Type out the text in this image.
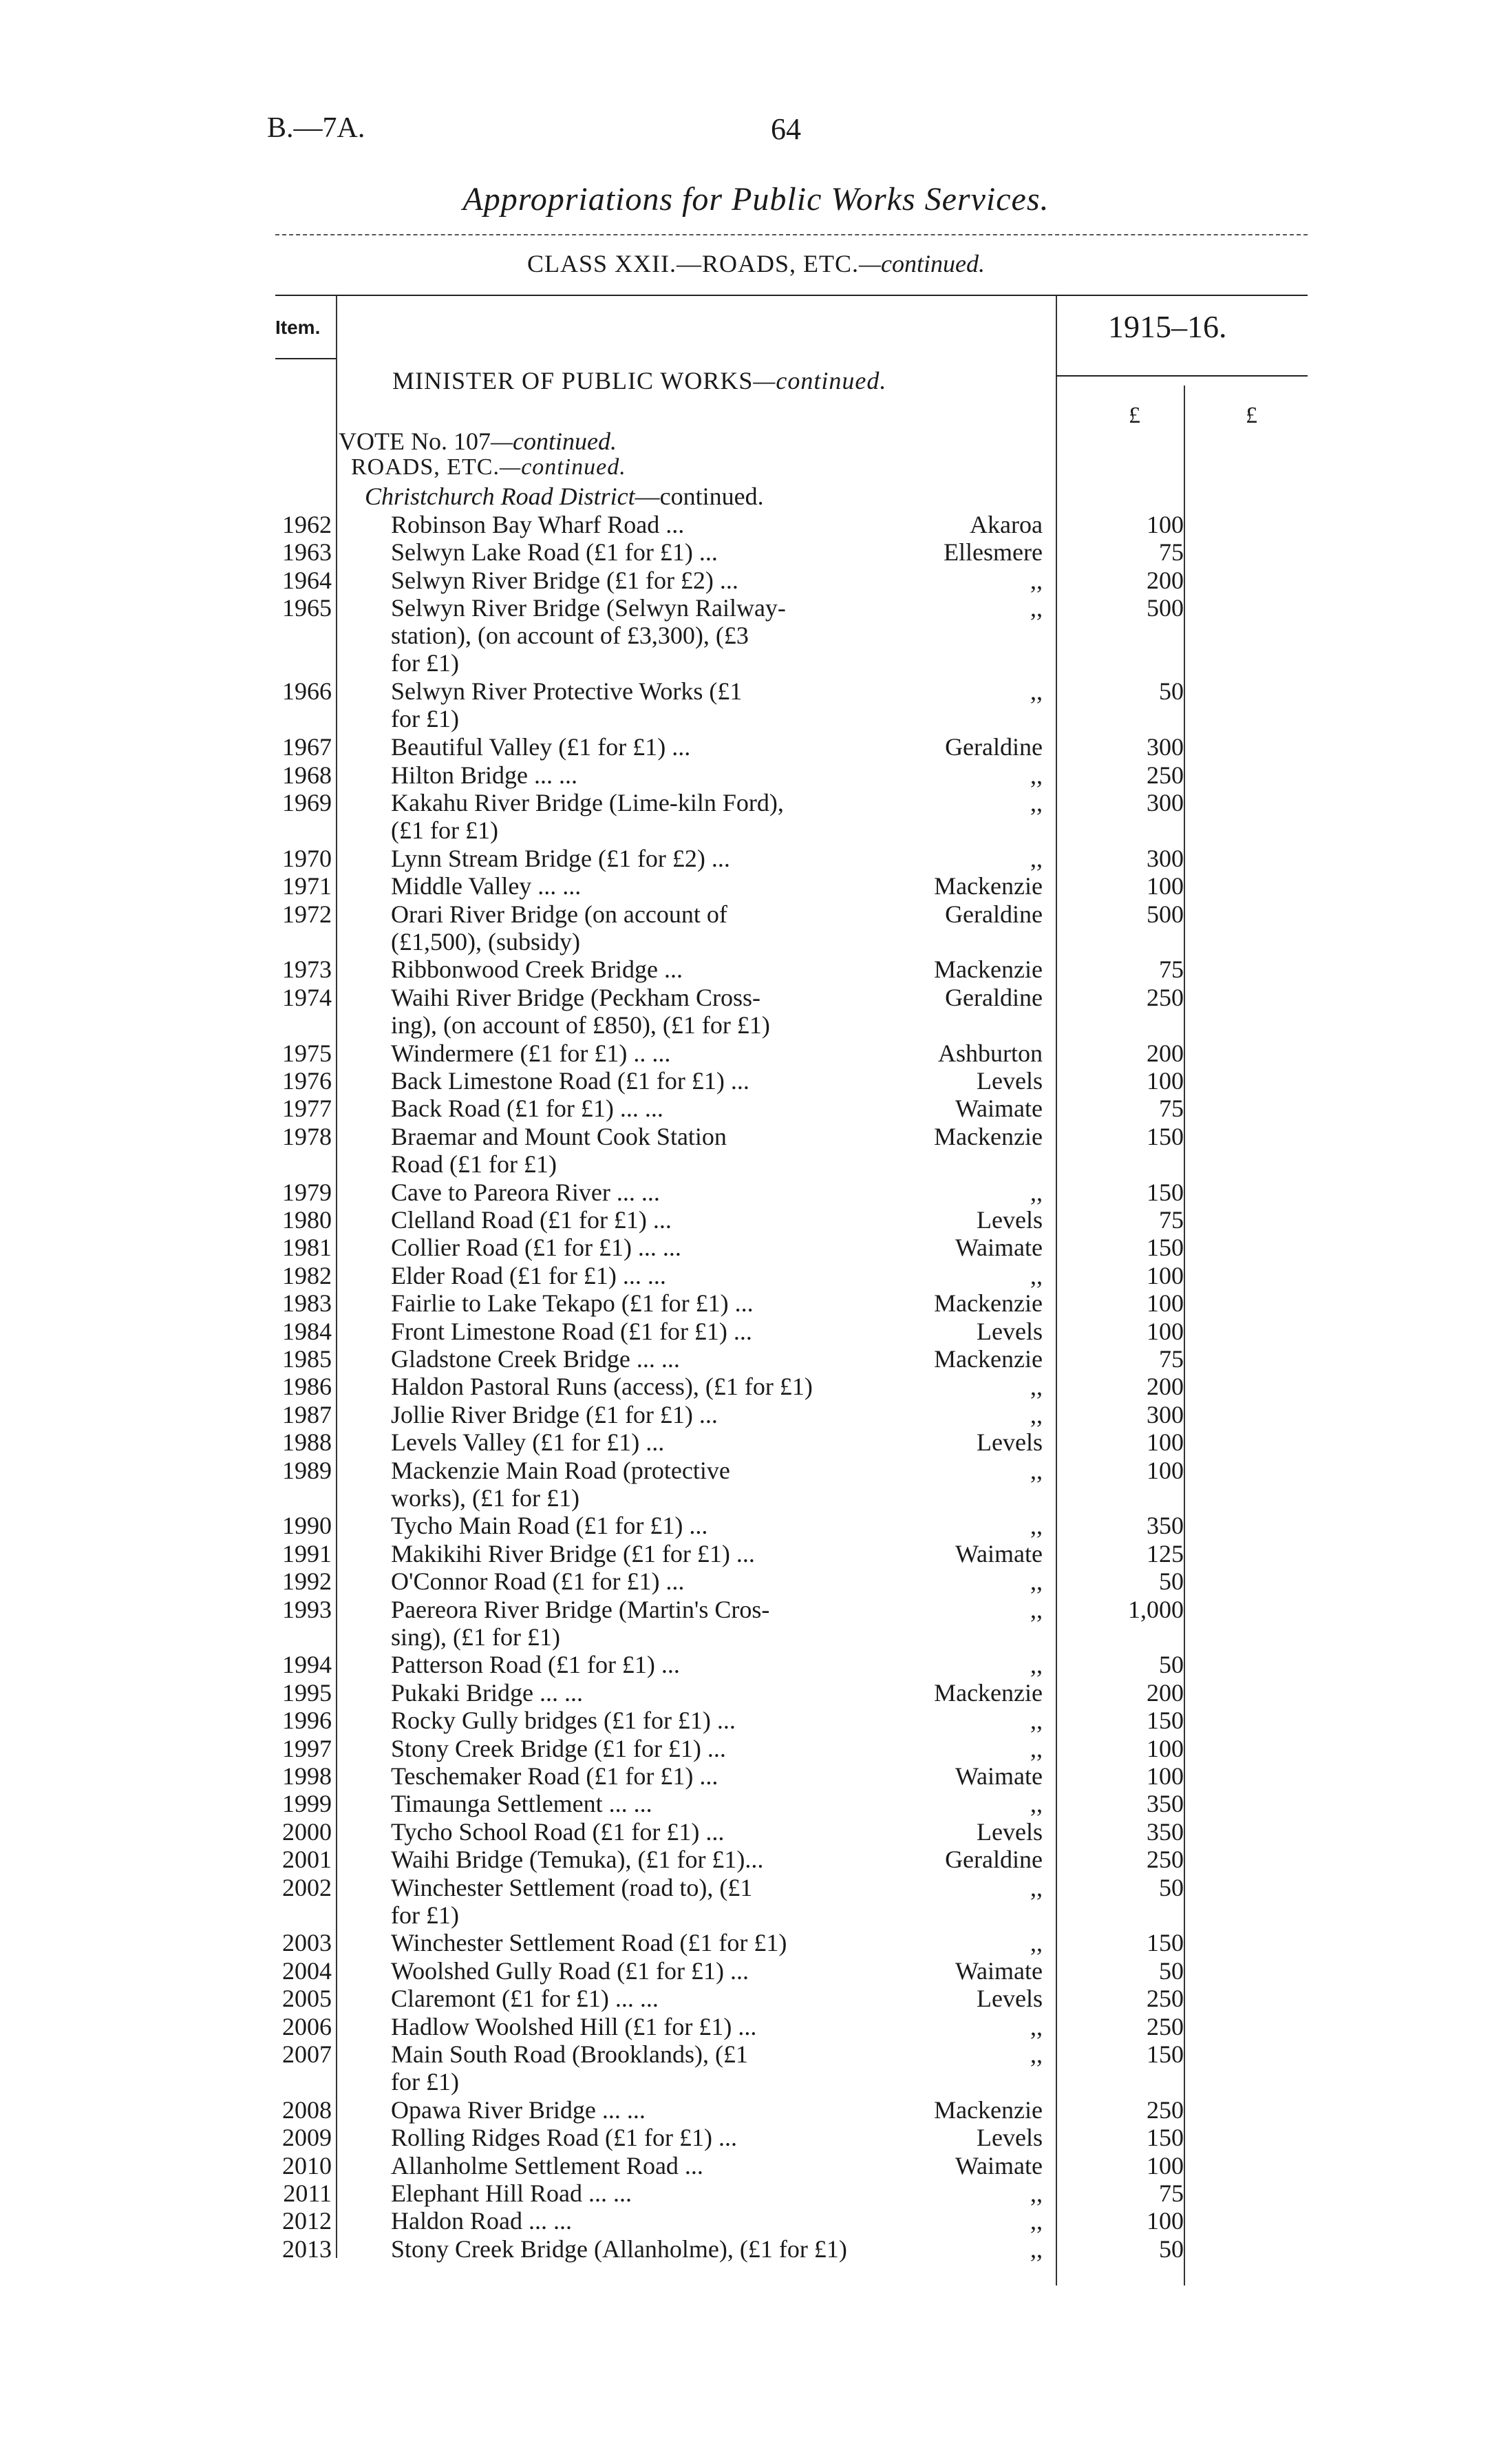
B.—7A.	64
Appropriations for Public Works Services.
CLASS XXII.—ROADS, ETC.—continued.
Item.	1915–16.
MINISTER OF PUBLIC WORKS—continued.
£	£
VOTE No. 107—continued.
ROADS, ETC.—continued.
Christchurch Road District—continued.
1962 Robinson Bay Wharf Road ...	Akaroa	100
1963 Selwyn Lake Road (£1 for £1) ...	Ellesmere	75
1964 Selwyn River Bridge (£1 for £2) ...	,,	200
1965 Selwyn River Bridge (Selwyn Railway-
station), (on account of £3,300), (£3
for £1)
,,	500
1966 Selwyn River Protective Works (£1
for £1)
,,	50
1967 Beautiful Valley (£1 for £1) ...	Geraldine	300
1968 Hilton Bridge ... ...	,,	250
1969 Kakahu River Bridge (Lime-kiln Ford),
(£1 for £1)
,,	300
1970 Lynn Stream Bridge (£1 for £2) ...	,,	300
1971 Middle Valley ... ...	Mackenzie	100
1972 Orari River Bridge (on account of
(£1,500), (subsidy)
Geraldine	500
1973 Ribbonwood Creek Bridge ...	Mackenzie	75
1974 Waihi River Bridge (Peckham Cross-
ing), (on account of £850), (£1 for £1)
Geraldine	250
1975 Windermere (£1 for £1) .. ...	Ashburton	200
1976 Back Limestone Road (£1 for £1) ...	Levels	100
1977 Back Road (£1 for £1) ... ...	Waimate	75
1978 Braemar and Mount Cook Station
Road (£1 for £1)
Mackenzie	150
1979 Cave to Pareora River ... ...	,,	150
1980 Clelland Road (£1 for £1) ...	Levels	75
1981 Collier Road (£1 for £1) ... ...	Waimate	150
1982 Elder Road (£1 for £1) ... ...	,,	100
1983 Fairlie to Lake Tekapo (£1 for £1) ...	Mackenzie	100
1984 Front Limestone Road (£1 for £1) ...	Levels	100
1985 Gladstone Creek Bridge ... ...	Mackenzie	75
1986 Haldon Pastoral Runs (access), (£1 for £1)	,,	200
1987 Jollie River Bridge (£1 for £1) ...	,,	300
1988 Levels Valley (£1 for £1) ...	Levels	100
1989 Mackenzie Main Road (protective
works), (£1 for £1)
,,	100
1990 Tycho Main Road (£1 for £1) ...	,,	350
1991 Makikihi River Bridge (£1 for £1) ...	Waimate	125
1992 O'Connor Road (£1 for £1) ...	,,	50
1993 Paereora River Bridge (Martin's Cros-
sing), (£1 for £1)
,,	1,000
1994 Patterson Road (£1 for £1) ...	,,	50
1995 Pukaki Bridge ... ...	Mackenzie	200
1996 Rocky Gully bridges (£1 for £1) ...	,,	150
1997 Stony Creek Bridge (£1 for £1) ...	,,	100
1998 Teschemaker Road (£1 for £1) ...	Waimate	100
1999 Timaunga Settlement ... ...	,,	350
2000 Tycho School Road (£1 for £1) ...	Levels	350
2001 Waihi Bridge (Temuka), (£1 for £1)...	Geraldine	250
2002 Winchester Settlement (road to), (£1
for £1)
,,	50
2003 Winchester Settlement Road (£1 for £1)	,,	150
2004 Woolshed Gully Road (£1 for £1) ...	Waimate	50
2005 Claremont (£1 for £1) ... ...	Levels	250
2006 Hadlow Woolshed Hill (£1 for £1) ...	,,	250
2007 Main South Road (Brooklands), (£1
for £1)
,,	150
2008 Opawa River Bridge ... ...	Mackenzie	250
2009 Rolling Ridges Road (£1 for £1) ...	Levels	150
2010 Allanholme Settlement Road ...	Waimate	100
2011 Elephant Hill Road ... ...	,,	75
2012 Haldon Road ... ...	,,	100
2013 Stony Creek Bridge (Allanholme), (£1 for £1)	,,	50
